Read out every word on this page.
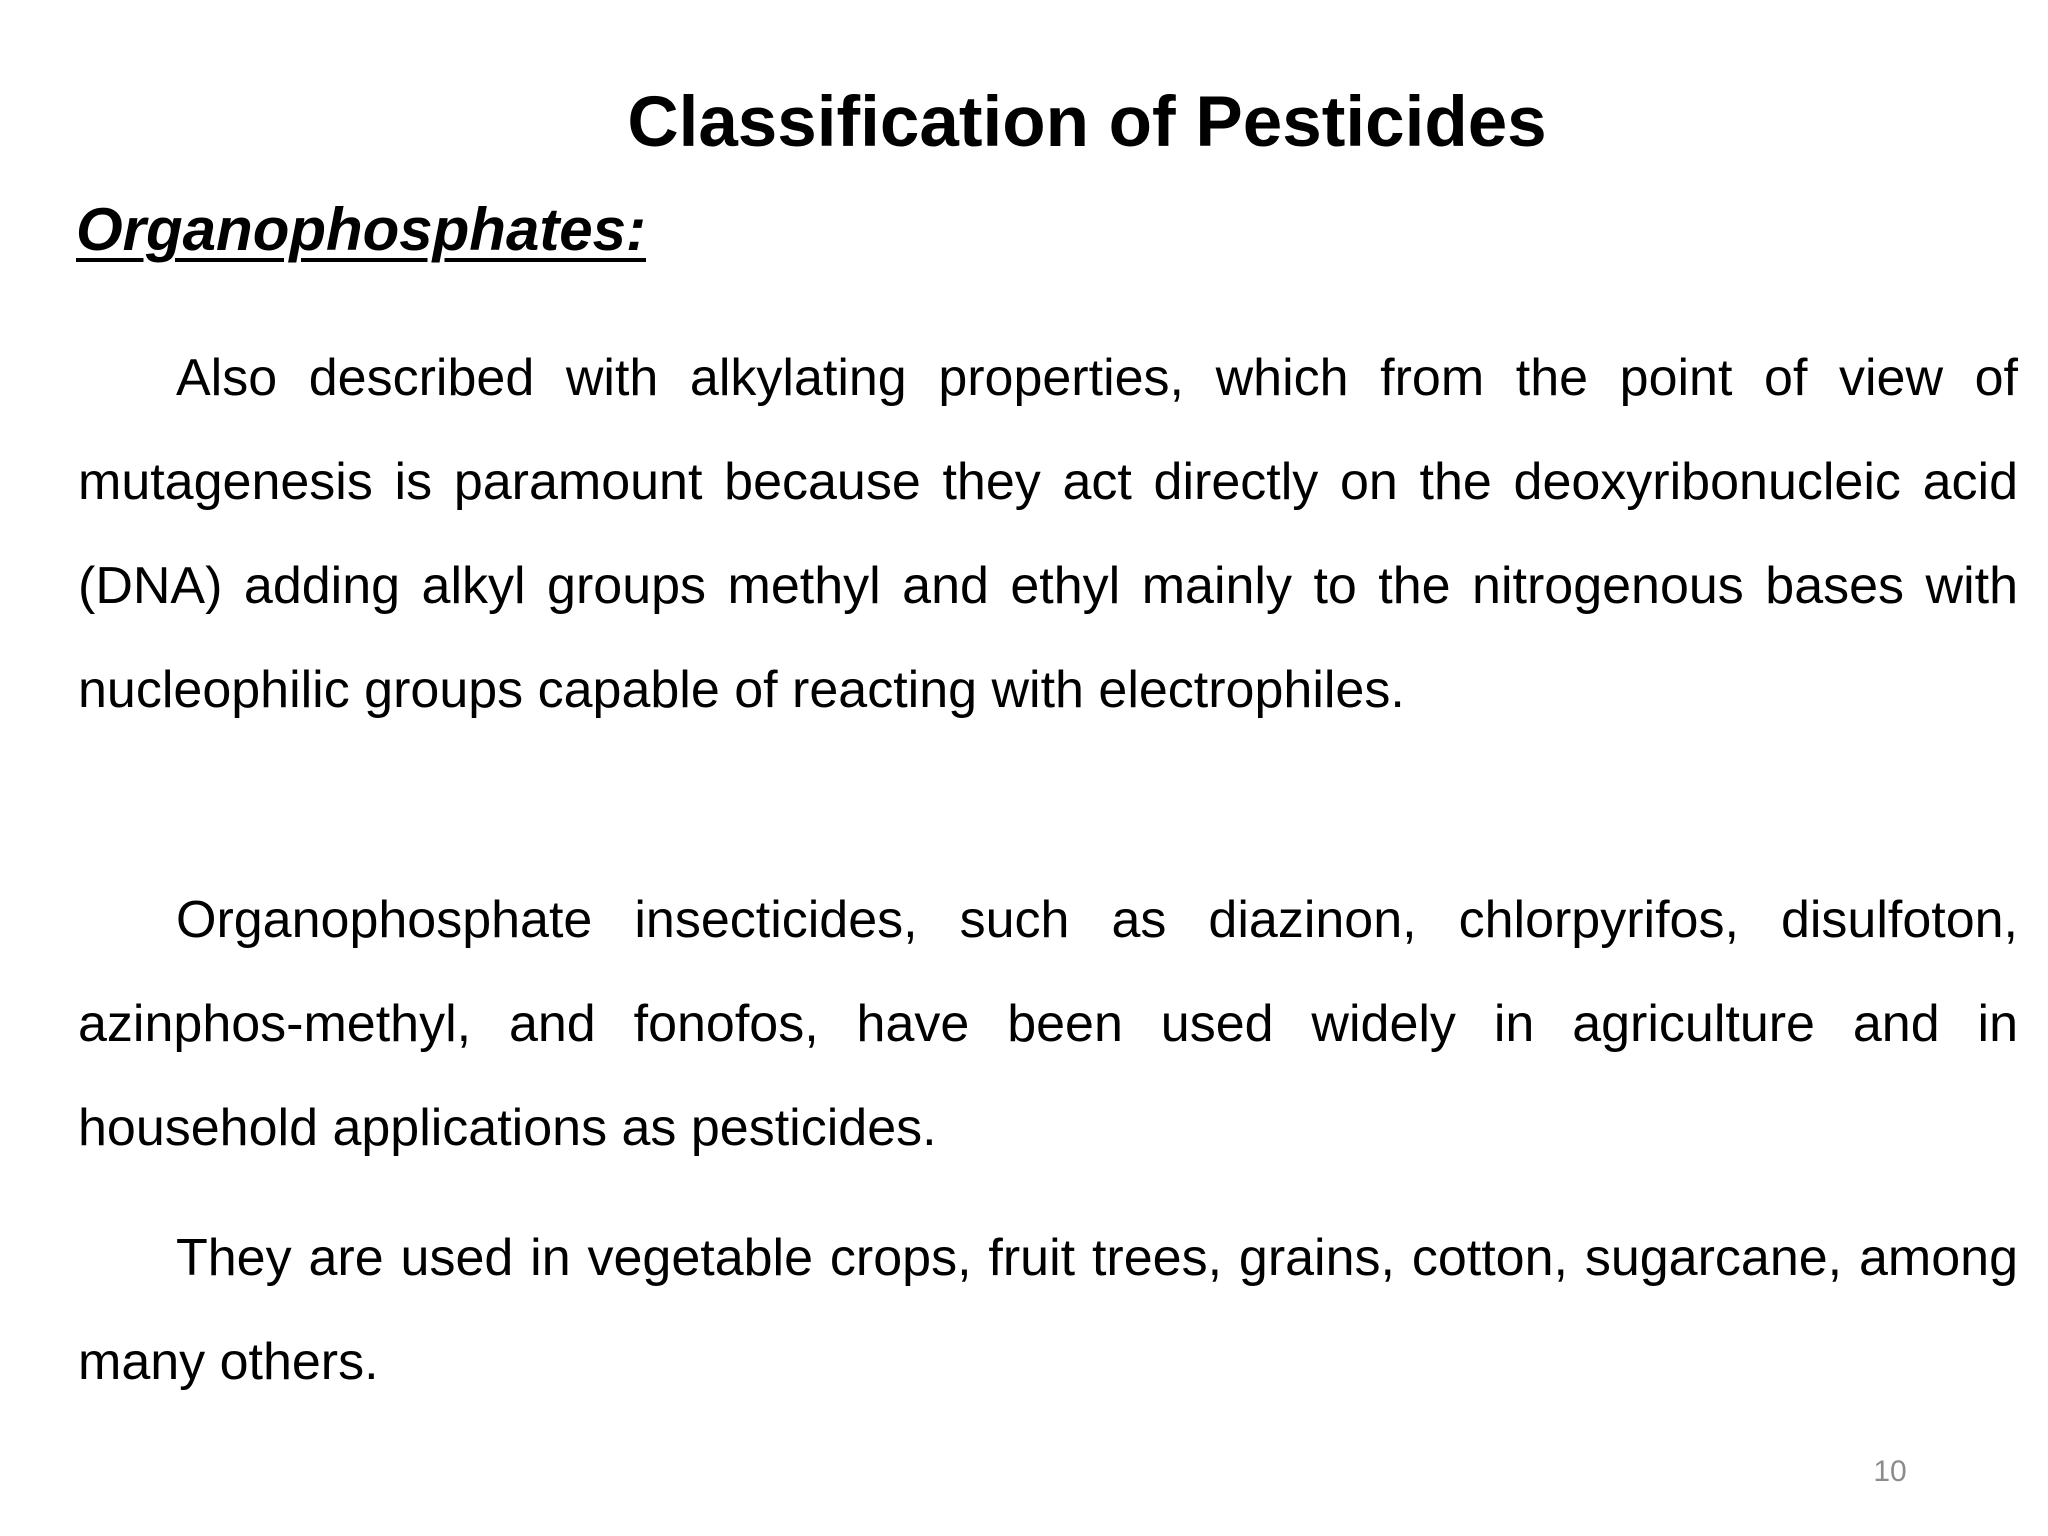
Classification of Pesticides
Organophosphates:

Also described with alkylating properties, which from the point of view of mutagenesis is paramount because they act directly on the deoxyribonucleic acid (DNA) adding alkyl groups methyl and ethyl mainly to the nitrogenous bases with nucleophilic groups capable of reacting with electrophiles.

Organophosphate insecticides, such as diazinon, chlorpyrifos, disulfoton, azinphos-methyl, and fonofos, have been used widely in agriculture and in household applications as pesticides.

They are used in vegetable crops, fruit trees, grains, cotton, sugarcane, among many others.

10
